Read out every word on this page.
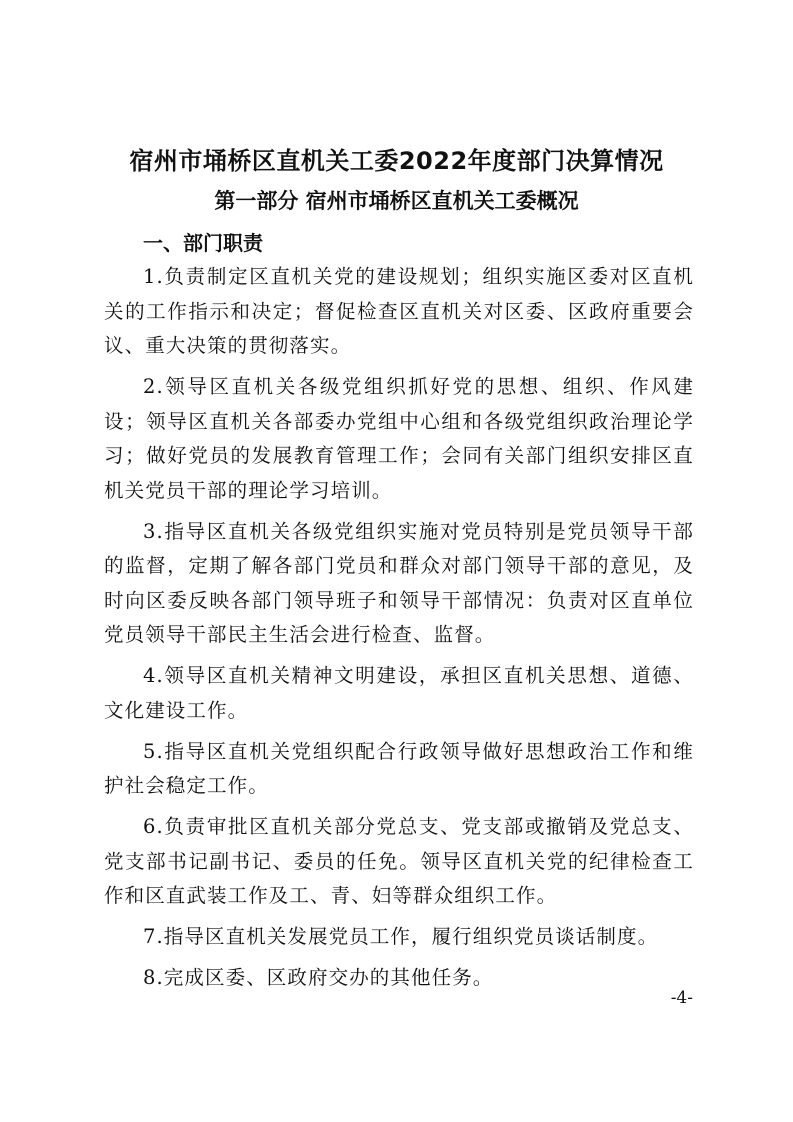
宿州市埇桥区直机关工委2022年度部门决算情况
第一部分 宿州市埇桥区直机关工委概况
一、部门职责

1.负责制定区直机关党的建设规划；组织实施区委对区直机关的工作指示和决定；督促检查区直机关对区委、区政府重要会议、重大决策的贯彻落实。

2.领导区直机关各级党组织抓好党的思想、组织、作风建设；领导区直机关各部委办党组中心组和各级党组织政治理论学习；做好党员的发展教育管理工作；会同有关部门组织安排区直机关党员干部的理论学习培训。

3.指导区直机关各级党组织实施对党员特别是党员领导干部的监督，定期了解各部门党员和群众对部门领导干部的意见，及时向区委反映各部门领导班子和领导干部情况：负责对区直单位党员领导干部民主生活会进行检查、监督。

4.领导区直机关精神文明建设，承担区直机关思想、道德、文化建设工作。

5.指导区直机关党组织配合行政领导做好思想政治工作和维护社会稳定工作。

6.负责审批区直机关部分党总支、党支部或撤销及党总支、党支部书记副书记、委员的任免。领导区直机关党的纪律检查工作和区直武装工作及工、青、妇等群众组织工作。

7.指导区直机关发展党员工作，履行组织党员谈话制度。

8.完成区委、区政府交办的其他任务。

-4-
